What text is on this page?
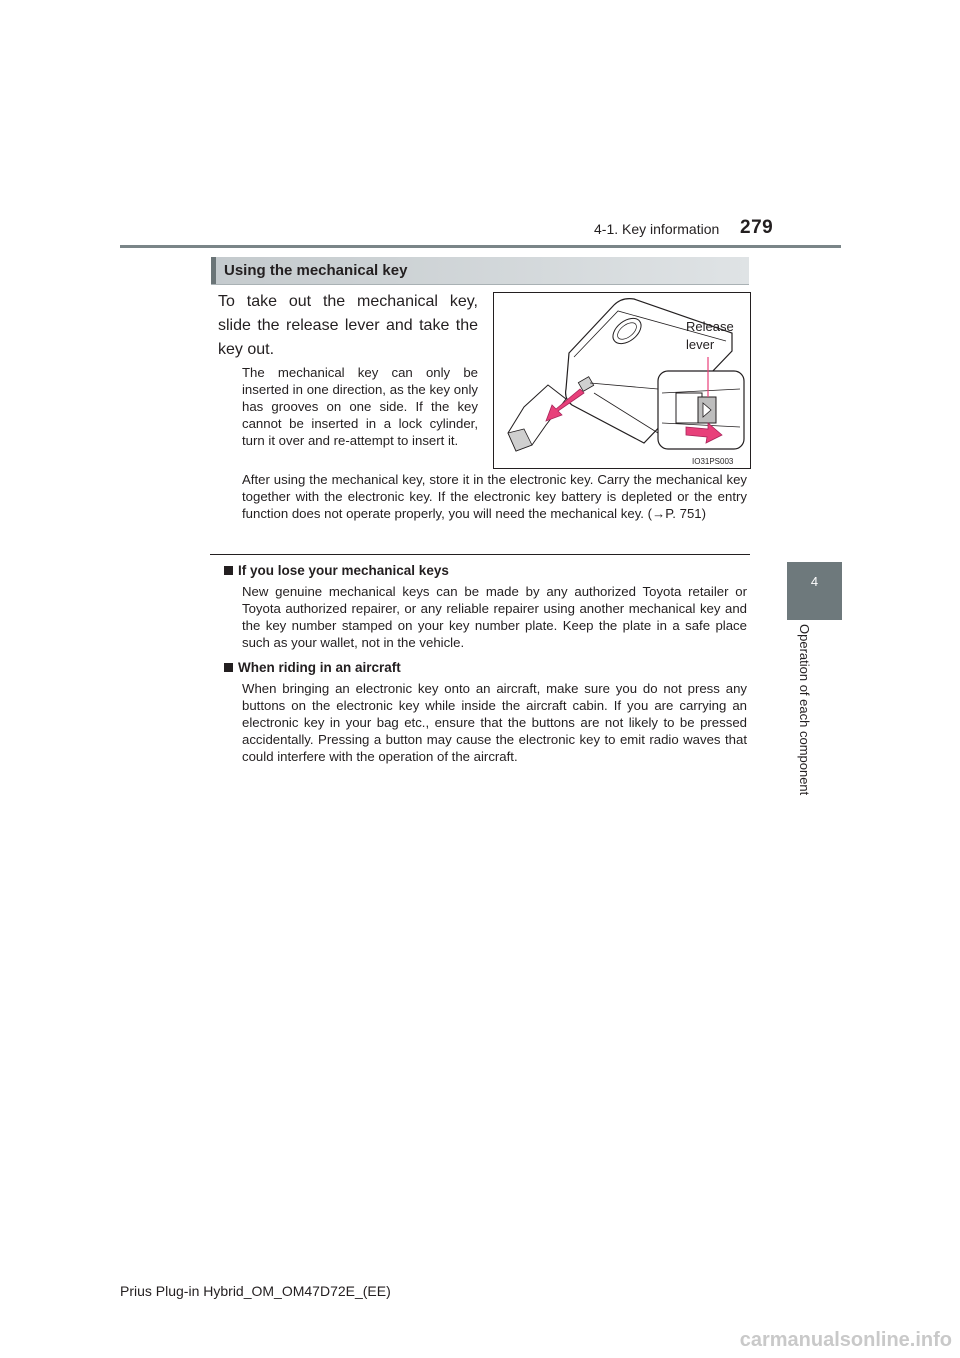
4-1. Key information 279
4
Operation of each component
Using the mechanical key
To take out the mechanical key, slide the release lever and take the key out.
The mechanical key can only be inserted in one direction, as the key only has grooves on one side. If the key cannot be inserted in a lock cylinder, turn it over and re-attempt to insert it.
After using the mechanical key, store it in the electronic key. Carry the mechanical key together with the electronic key. If the electronic key battery is depleted or the entry function does not operate properly, you will need the mechanical key. (→P. 751)
Release
lever
IO31PS003
If you lose your mechanical keys
New genuine mechanical keys can be made by any authorized Toyota retailer or Toyota authorized repairer, or any reliable repairer using another mechanical key and the key number stamped on your key number plate. Keep the plate in a safe place such as your wallet, not in the vehicle.
When riding in an aircraft
When bringing an electronic key onto an aircraft, make sure you do not press any buttons on the electronic key while inside the aircraft cabin. If you are carrying an electronic key in your bag etc., ensure that the buttons are not likely to be pressed accidentally. Pressing a button may cause the electronic key to emit radio waves that could interfere with the operation of the aircraft.
Prius Plug-in Hybrid_OM_OM47D72E_(EE)
carmanualsonline.info
